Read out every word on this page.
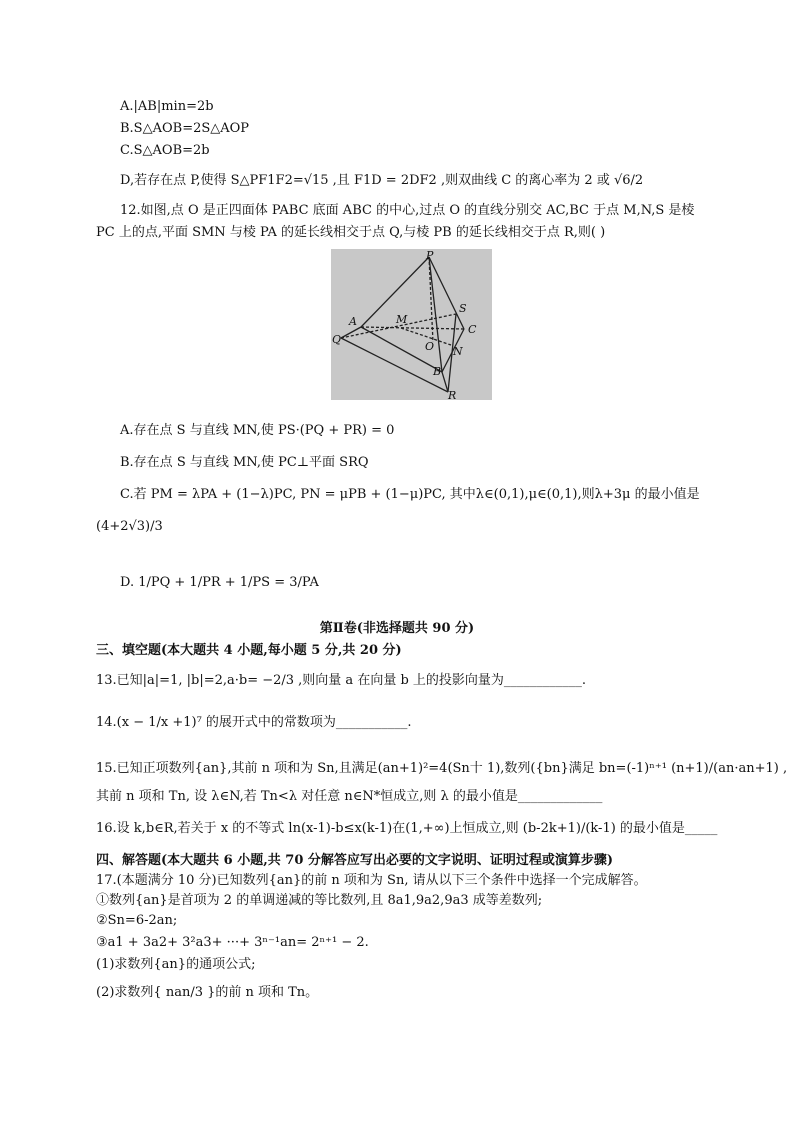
A.|AB|min=2b
B.S△AOB=2S△AOP
C.S△AOB=2b
D,若存在点 P,使得 S△PF1F2=√15 ,且 F1D = 2DF2 ,则双曲线 C 的离心率为 2 或 √6/2
12.如图,点 O 是正四面体 PABC 底面 ABC 的中心,过点 O 的直线分别交 AC,BC 于点 M,N,S 是棱 PC 上的点,平面 SMN 与棱 PA 的延长线相交于点 Q,与棱 PB 的延长线相交于点 R,则( )
P
A	M
S
C
Q
O N
B
R
A.存在点 S 与直线 MN,使 PS·(PQ + PR) = 0
B.存在点 S 与直线 MN,使 PC⊥平面 SRQ
C.若 PM = λPA + (1−λ)PC, PN = μPB + (1−μ)PC, 其中λ∈(0,1),μ∈(0,1),则λ+3μ 的最小值是
(4+2√3)/3
D. 1/PQ + 1/PR + 1/PS = 3/PA
第Ⅱ卷(非选择题共 90 分)
三、填空题(本大题共 4 小题,每小题 5 分,共 20 分)
13.已知|a|=1, |b|=2,a·b= −2/3 ,则向量 a 在向量 b 上的投影向量为____________.
14.(x − 1/x +1)⁷ 的展开式中的常数项为___________.
15.已知正项数列{an},其前 n 项和为 Sn,且满足(an+1)²=4(Sn十 1),数列({bn}满足 bn=(-1)ⁿ⁺¹ (n+1)/(an·an+1) ,
其前 n 项和 Tn, 设 λ∈N,若 Tn<λ 对任意 n∈N*恒成立,则 λ 的最小值是_____________
16.设 k,b∈R,若关于 x 的不等式 ln(x-1)-b≤x(k-1)在(1,+∞)上恒成立,则 (b-2k+1)/(k-1) 的最小值是_____
四、解答题(本大题共 6 小题,共 70 分解答应写出必要的文字说明、证明过程或演算步骤)
17.(本题满分 10 分)已知数列{an}的前 n 项和为 Sn, 请从以下三个条件中选择一个完成解答。
①数列{an}是首项为 2 的单调递减的等比数列,且 8a1,9a2,9a3 成等差数列;
②Sn=6-2an;
③a1 + 3a2+ 3²a3+ ···+ 3ⁿ⁻¹an= 2ⁿ⁺¹ − 2.
(1)求数列{an}的通项公式;
(2)求数列{ nan/3 }的前 n 项和 Tn。
